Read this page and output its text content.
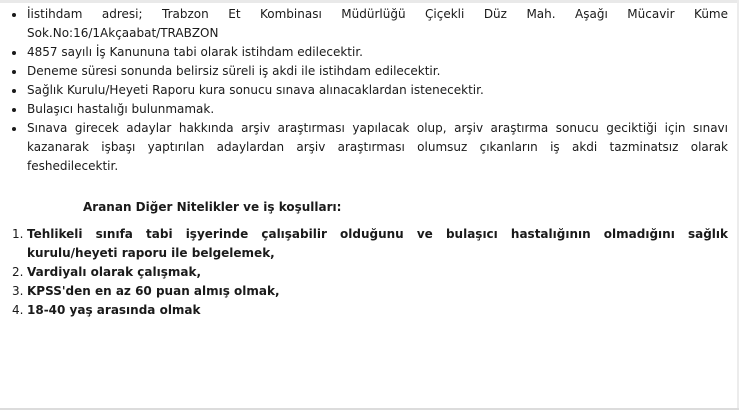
İistihdam adresi; Trabzon Et Kombinası Müdürlüğü Çiçekli Düz Mah. Aşağı Mücavir Küme Sok.No:16/1Akçaabat/TRABZON
4857 sayılı İş Kanununa tabi olarak istihdam edilecektir.
Deneme süresi sonunda belirsiz süreli iş akdi ile istihdam edilecektir.
Sağlık Kurulu/Heyeti Raporu kura sonucu sınava alınacaklardan istenecektir.
Bulaşıcı hastalığı bulunmamak.
Sınava girecek adaylar hakkında arşiv araştırması yapılacak olup, arşiv araştırma sonucu geciktiği için sınavı kazanarak işbaşı yaptırılan adaylardan arşiv araştırması olumsuz çıkanların iş akdi tazminatsız olarak feshedilecektir.
Aranan Diğer Nitelikler ve iş koşulları:
1. Tehlikeli sınıfa tabi işyerinde çalışabilir olduğunu ve bulaşıcı hastalığının olmadığını sağlık kurulu/heyeti raporu ile belgelemek,
2. Vardiyalı olarak çalışmak,
3. KPSS'den en az 60 puan almış olmak,
4. 18-40 yaş arasında olmak
